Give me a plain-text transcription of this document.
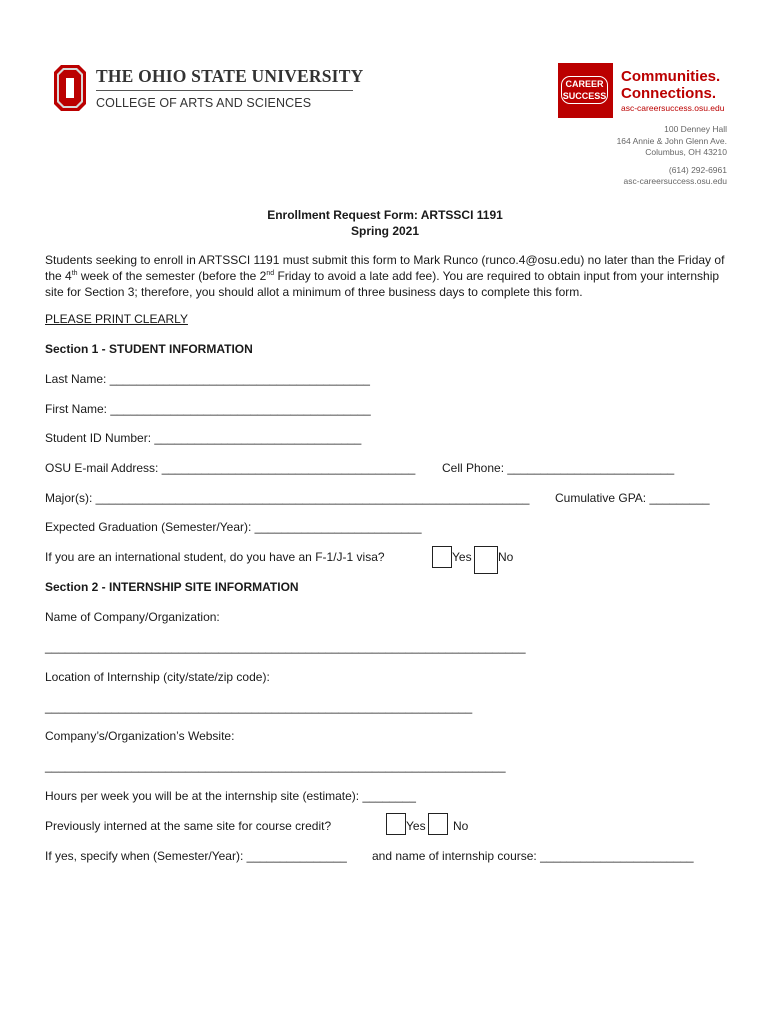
THE OHIO STATE UNIVERSITY
COLLEGE OF ARTS AND SCIENCES
CAREER
SUCCESS
Communities.
Connections.
asc-careersuccess.osu.edu
100 Denney Hall
164 Annie & John Glenn Ave.
Columbus, OH 43210
(614) 292-6961
asc-careersuccess.osu.edu
Enrollment Request Form: ARTSSCI 1191
Spring 2021
Students seeking to enroll in ARTSSCI 1191 must submit this form to Mark Runco (runco.4@osu.edu) no later than the Friday of the 4th week of the semester (before the 2nd Friday to avoid a late add fee). You are required to obtain input from your internship site for Section 3; therefore, you should allot a minimum of three business days to complete this form.
PLEASE PRINT CLEARLY
Section 1 - STUDENT INFORMATION
Last Name: _______________________________________
First Name: _______________________________________
Student ID Number: _______________________________
OSU E-mail Address: ______________________________________ Cell Phone: _________________________
Major(s): _________________________________________________________________ Cumulative GPA: _________
Expected Graduation (Semester/Year): _________________________
If you are an international student, do you have an F-1/J-1 visa?	Yes No
Section 2 - INTERNSHIP SITE INFORMATION
Name of Company/Organization:
________________________________________________________________________
Location of Internship (city/state/zip code):
________________________________________________________________
Company’s/Organization’s Website:
_____________________________________________________________________
Hours per week you will be at the internship site (estimate): ________
Previously interned at the same site for course credit?	Yes No
If yes, specify when (Semester/Year): _______________ and name of internship course: _______________________
